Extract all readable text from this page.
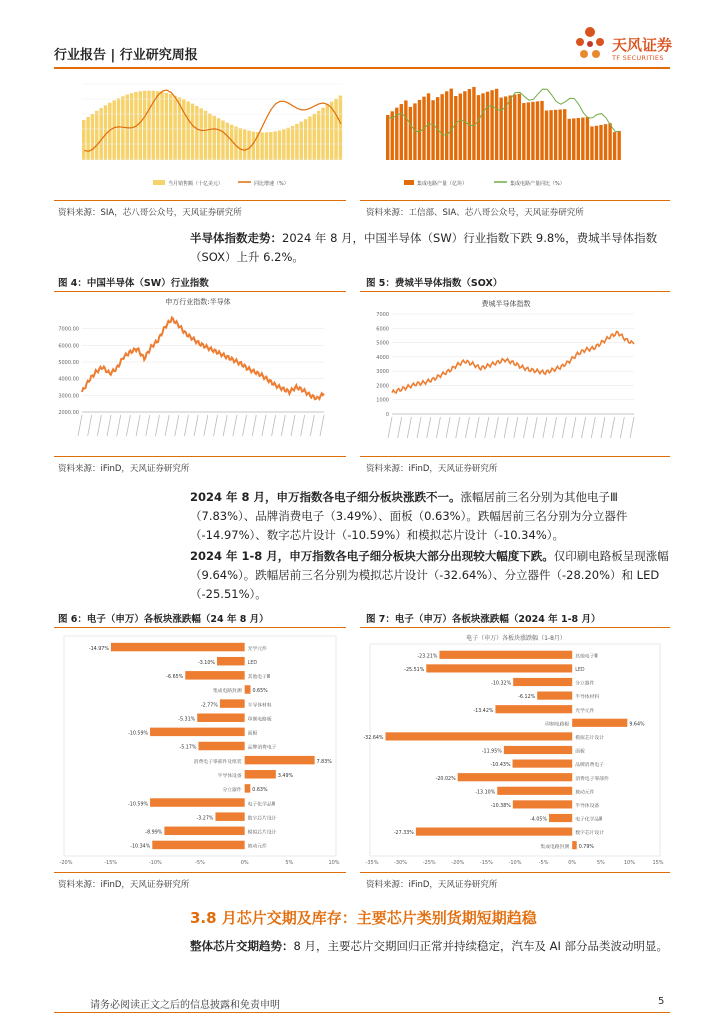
行业报告 | 行业研究周报
天风证券
TF SECURITIES
当月销售额（十亿美元）	同比增速（%）	集成电路产量（亿块）	集成电路产量同比（%）
资料来源：SIA，芯八哥公众号，天风证券研究所	资料来源：工信部、SIA、芯八哥公众号，天风证券研究所
半导体指数走势：2024 年 8 月，中国半导体（SW）行业指数下跌 9.8%，费城半导体指数（SOX）上升 6.2%。
图 4：中国半导体（SW）行业指数	图 5：费城半导体指数（SOX）
申万行业指数:半导体
2000.00
3000.00
4000.00
5000.00
6000.00
7000.00
费城半导体指数
0
1000
2000
3000
4000
5000
6000
7000
资料来源：iFinD，天风证券研究所	资料来源：iFinD，天风证券研究所
2024 年 8 月，申万指数各电子细分板块涨跌不一。涨幅居前三名分别为其他电子Ⅲ（7.83%）、品牌消费电子（3.49%）、面板（0.63%）。跌幅居前三名分别为分立器件（-14.97%）、数字芯片设计（-10.59%）和模拟芯片设计（-10.34%）。
2024 年 1-8 月，申万指数各电子细分板块大部分出现较大幅度下跌。仅印刷电路板呈现涨幅（9.64%）。跌幅居前三名分别为模拟芯片设计（-32.64%）、分立器件（-28.20%）和 LED（-25.51%）。
图 6：电子（申万）各板块涨跌幅（24 年 8 月）	图 7：电子（申万）各板块涨跌幅（2024 年 1-8 月）
光学元件
-14.97%
LED
-3.10%
其他电子Ⅲ
-6.65%
集成电路封测 0.65%
半导体材料
-2.77%
印制电路板
-5.31%
面板
-10.59%
品牌消费电子
-5.17%
消费电子零部件及组装	7.83%
半导体设备	3.49%
分立器件 0.63%
电子化学品Ⅲ
-10.59%
数字芯片设计
-3.27%
模拟芯片设计
-8.99%
被动元件
-10.34%
-20%	-15%	-10%	-5%	0%	5%	10%
电子（申万）各板块涨跌幅（1-8月）
其他电子Ⅲ
-23.21%
LED
-25.51%
分立器件
-10.32%
半导体材料
-6.12%
光学元件
-13.42%
印制电路板	9.64%
模拟芯片设计
-32.64%
面板
-11.95%
品牌消费电子
-10.43%
消费电子零部件
-20.02%
被动元件
-13.10%
半导体设备
-10.38%
电子化学品Ⅲ
-4.05%
数字芯片设计
-27.33%
集成电路封测 0.79%
-35%	-30%	-25%	-20%	-15%	-10%	-5%	0%	5%	10%	15%
资料来源：iFinD，天风证券研究所	资料来源：iFinD，天风证券研究所
3.8 月芯片交期及库存：主要芯片类别货期短期趋稳
整体芯片交期趋势：8 月，主要芯片交期回归正常并持续稳定，汽车及 AI 部分品类波动明显。
请务必阅读正文之后的信息披露和免责申明	5
